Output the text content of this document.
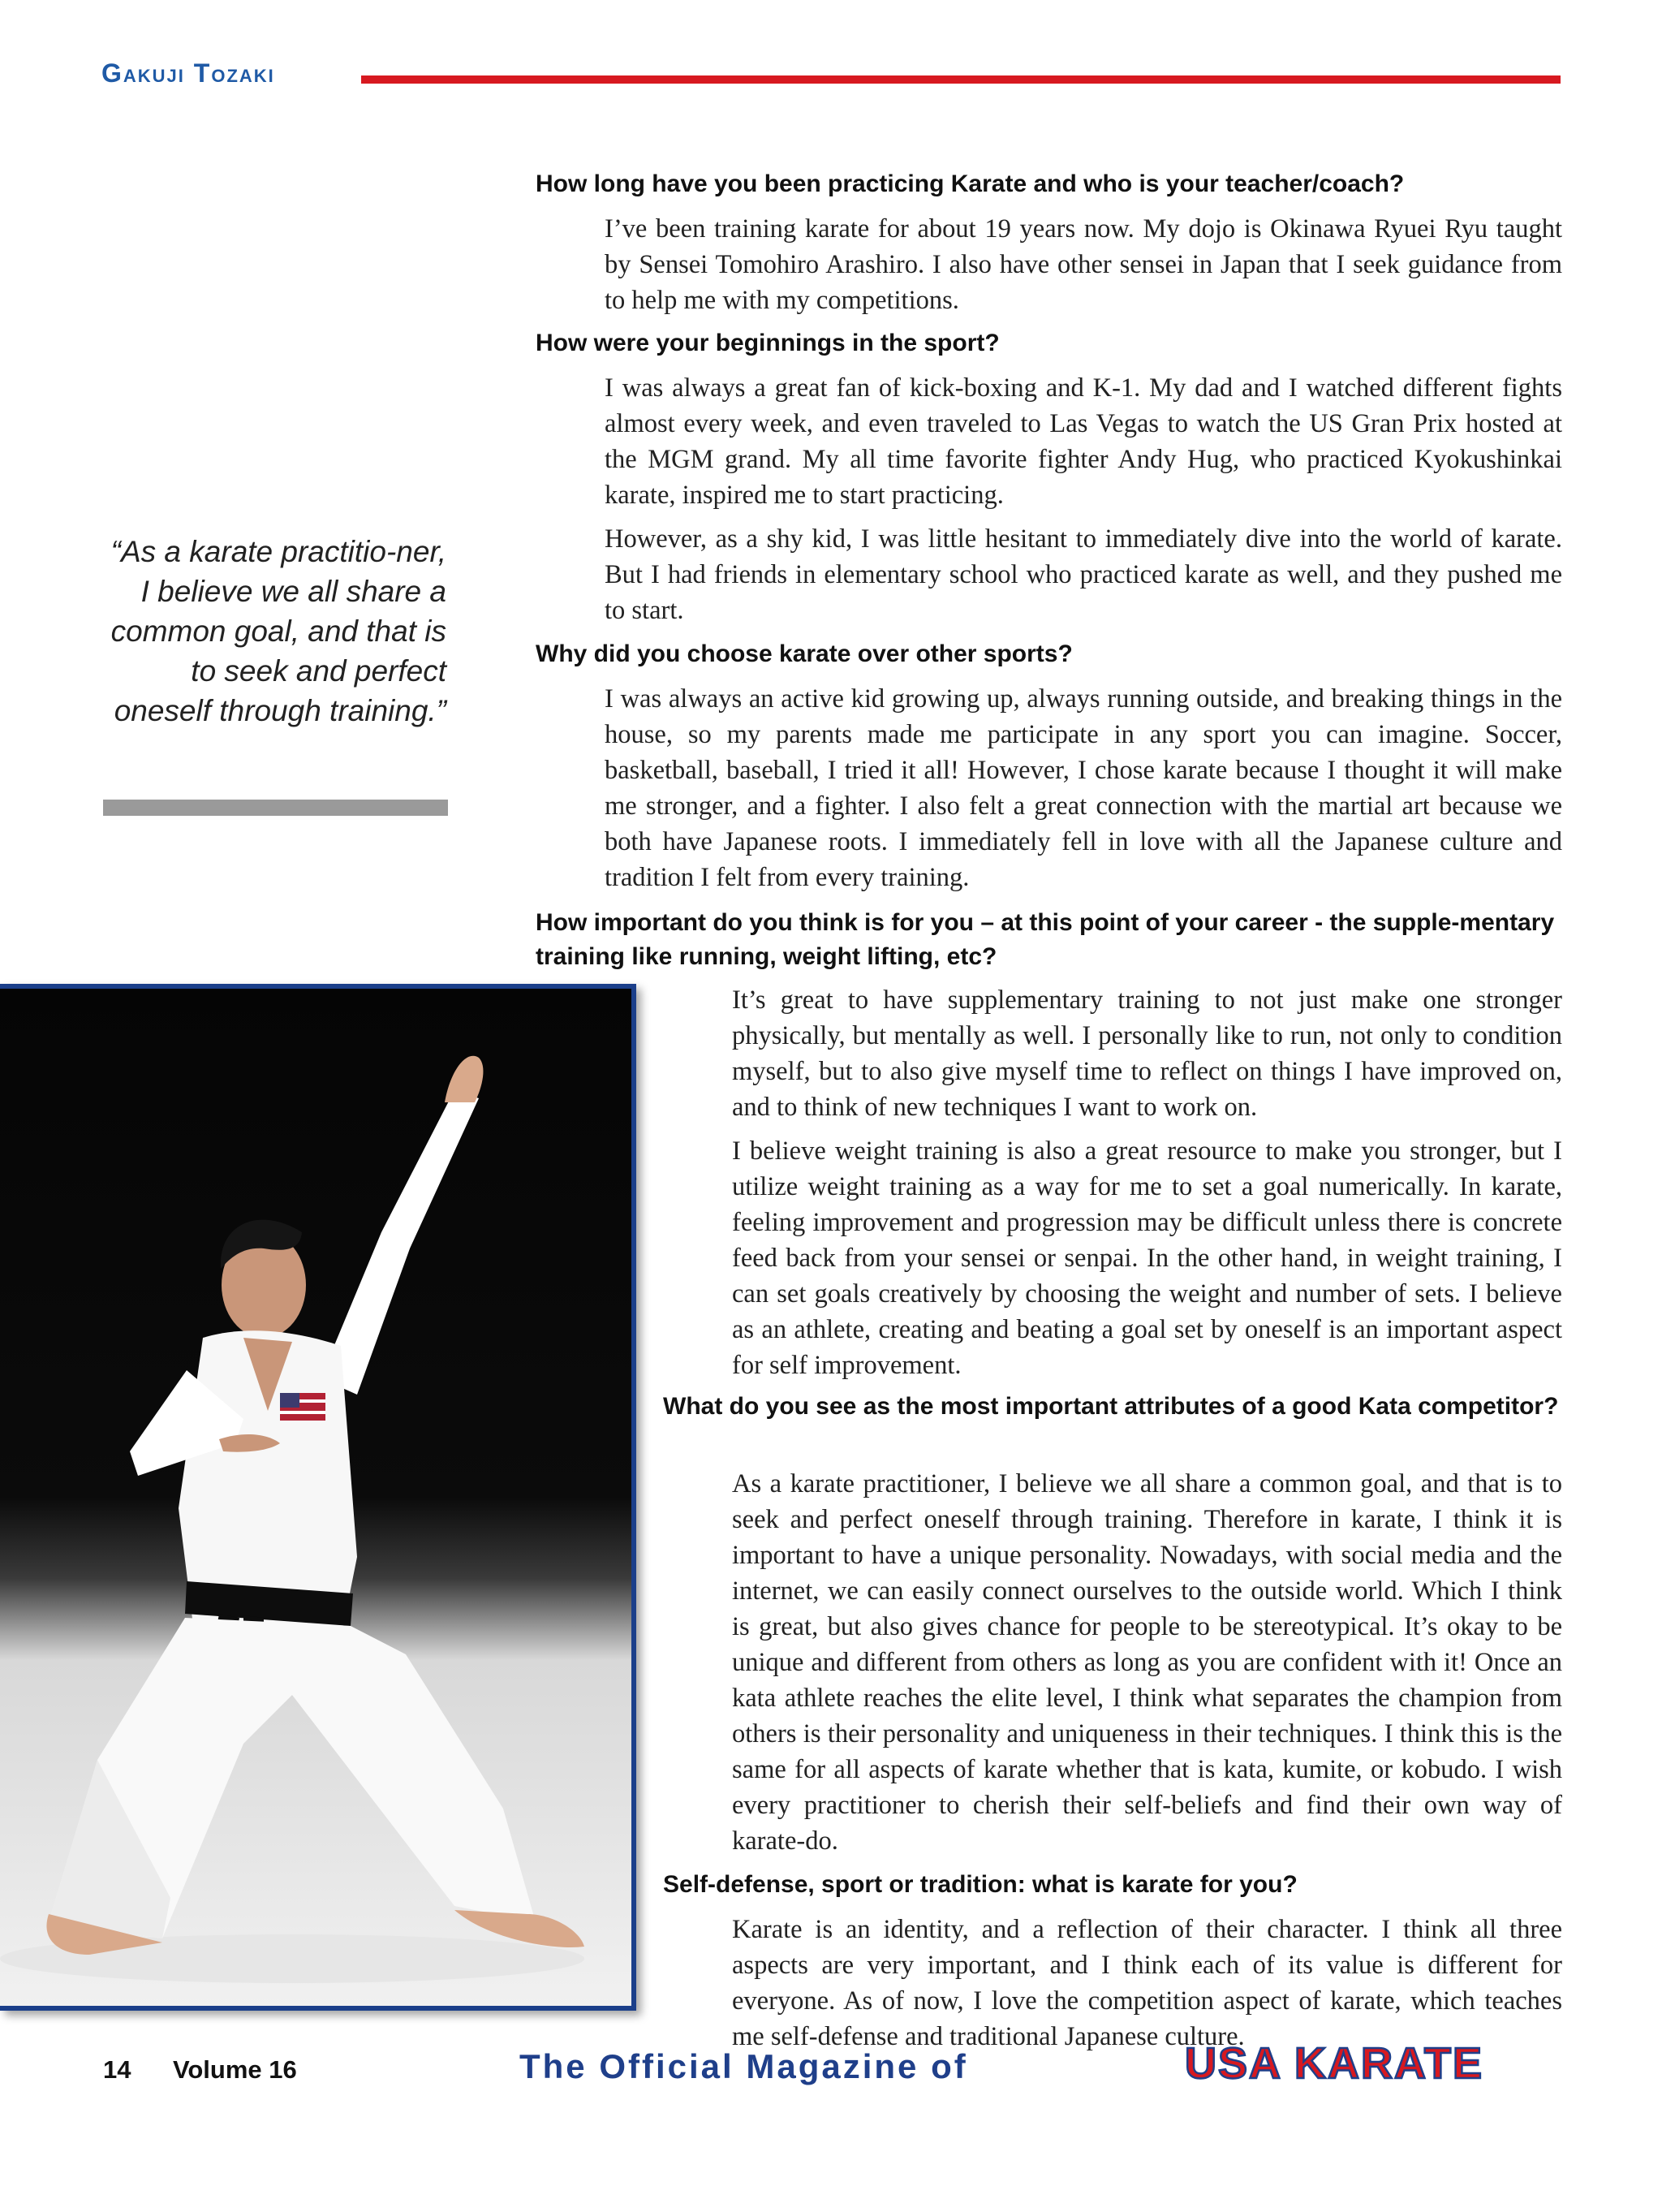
Gakuji Tozaki

How long have you been practicing Karate and who is your teacher/coach?

I’ve been training karate for about 19 years now. My dojo is Okinawa Ryuei Ryu taught by Sensei Tomohiro Arashiro. I also have other sensei in Japan that I seek guidance from to help me with my competitions.

How were your beginnings in the sport?

I was always a great fan of kick-boxing and K-1. My dad and I watched different fights almost every week, and even traveled to Las Vegas to watch the US Gran Prix hosted at the MGM grand. My all time favorite fighter Andy Hug, who practiced Kyokushinkai karate, inspired me to start practicing.

However, as a shy kid, I was little hesitant to immediately dive into the world of karate. But I had friends in elementary school who practiced karate as well, and they pushed me to start.

Why did you choose karate over other sports?

I was always an active kid growing up, always running outside, and breaking things in the house, so my parents made me participate in any sport you can imagine. Soccer, basketball, baseball, I tried it all! However, I chose karate because I thought it will make me stronger, and a fighter. I also felt a great connection with the martial art because we both have Japanese roots. I immediately fell in love with all the Japanese culture and tradition I felt from every training.

How important do you think is for you – at this point of your career - the supple-mentary training like running, weight lifting, etc?

It’s great to have supplementary training to not just make one stronger physically, but mentally as well. I personally like to run, not only to condition myself, but to also give myself time to reflect on things I have improved on, and to think of new techniques I want to work on.

I believe weight training is also a great resource to make you stronger, but I utilize weight training as a way for me to set a goal numerically. In karate, feeling improvement and progression may be difficult unless there is concrete feed back from your sensei or senpai. In the other hand, in weight training, I can set goals creatively by choosing the weight and number of sets. I believe as an athlete, creating and beating a goal set by oneself is an important aspect for self improvement.

What do you see as the most important attributes of a good Kata competitor?

As a karate practitioner, I believe we all share a common goal, and that is to seek and perfect oneself through training. Therefore in karate, I think it is important to have a unique personality. Nowadays, with social media and the internet, we can easily connect ourselves to the outside world. Which I think is great, but also gives chance for people to be stereotypical. It’s okay to be unique and different from others as long as you are confident with it! Once an kata athlete reaches the elite level, I think what separates the champion from others is their personality and uniqueness in their techniques. I think this is the same for all aspects of karate whether that is kata, kumite, or kobudo. I wish every practitioner to cherish their self-beliefs and find their own way of karate-do.

Self-defense, sport or tradition: what is karate for you?

Karate is an identity, and a reflection of their character. I think all three aspects are very important, and I think each of its value is different for everyone. As of now, I love the competition aspect of karate, which teaches me self-defense and traditional Japanese culture.

“As a karate practitio-ner, I believe we all share a common goal, and that is to seek and perfect oneself through training.”

14 Volume 16	The Official Magazine of	USA KARATE
